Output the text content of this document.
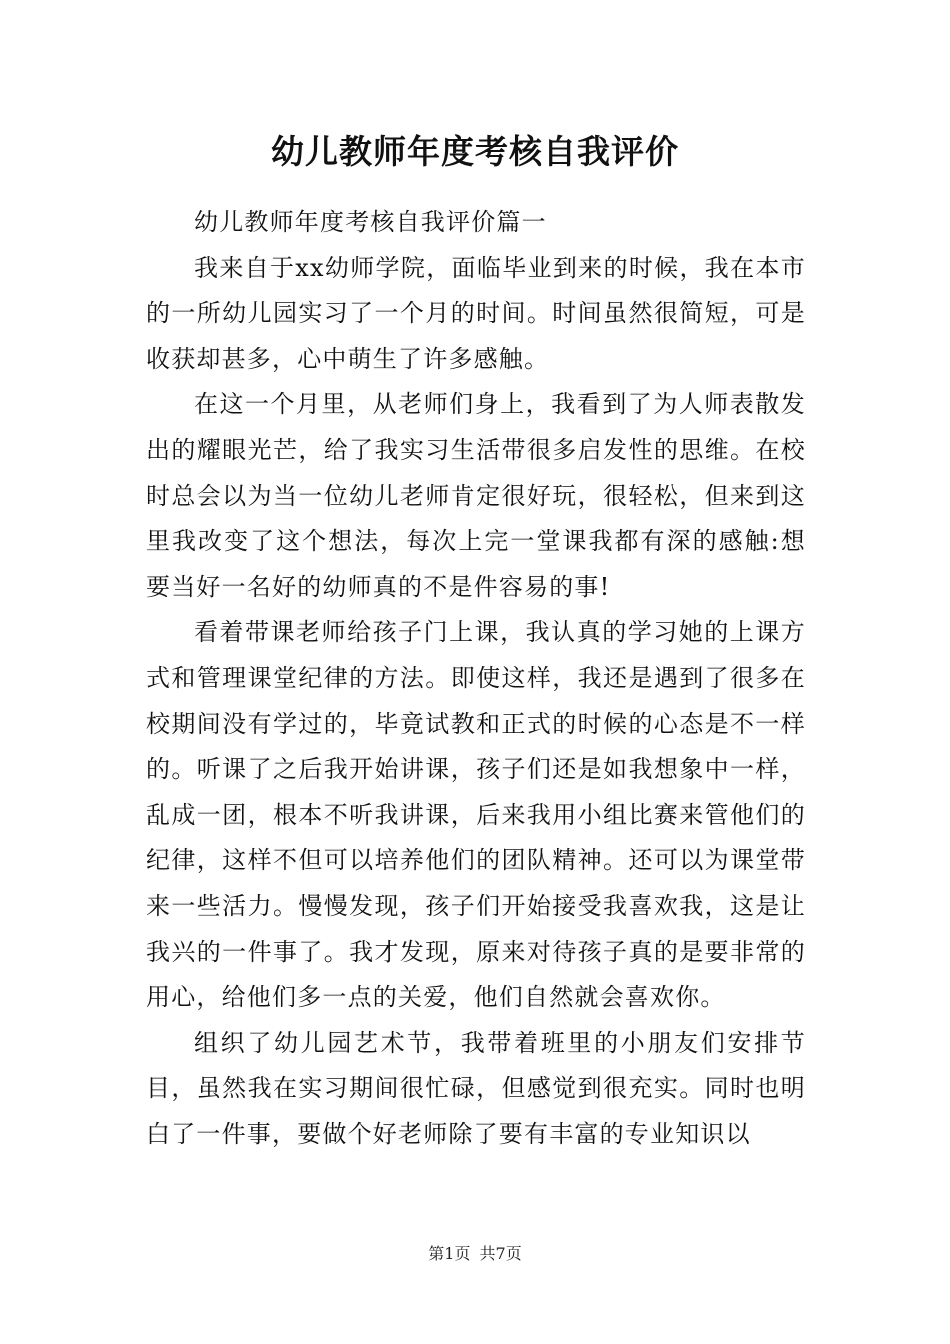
幼儿教师年度考核自我评价

幼儿教师年度考核自我评价篇一

我来自于xx幼师学院，面临毕业到来的时候，我在本市的一所幼儿园实习了一个月的时间。时间虽然很简短，可是收获却甚多，心中萌生了许多感触。

在这一个月里，从老师们身上，我看到了为人师表散发出的耀眼光芒，给了我实习生活带很多启发性的思维。在校时总会以为当一位幼儿老师肯定很好玩，很轻松，但来到这里我改变了这个想法，每次上完一堂课我都有深的感触:想要当好一名好的幼师真的不是件容易的事!

看着带课老师给孩子门上课，我认真的学习她的上课方式和管理课堂纪律的方法。即使这样，我还是遇到了很多在校期间没有学过的，毕竟试教和正式的时候的心态是不一样的。听课了之后我开始讲课，孩子们还是如我想象中一样，乱成一团，根本不听我讲课，后来我用小组比赛来管他们的纪律，这样不但可以培养他们的团队精神。还可以为课堂带来一些活力。慢慢发现，孩子们开始接受我喜欢我，这是让我兴的一件事了。我才发现，原来对待孩子真的是要非常的用心，给他们多一点的关爱，他们自然就会喜欢你。

组织了幼儿园艺术节，我带着班里的小朋友们安排节目，虽然我在实习期间很忙碌，但感觉到很充实。同时也明白了一件事，要做个好老师除了要有丰富的专业知识以

第1页 共7页
